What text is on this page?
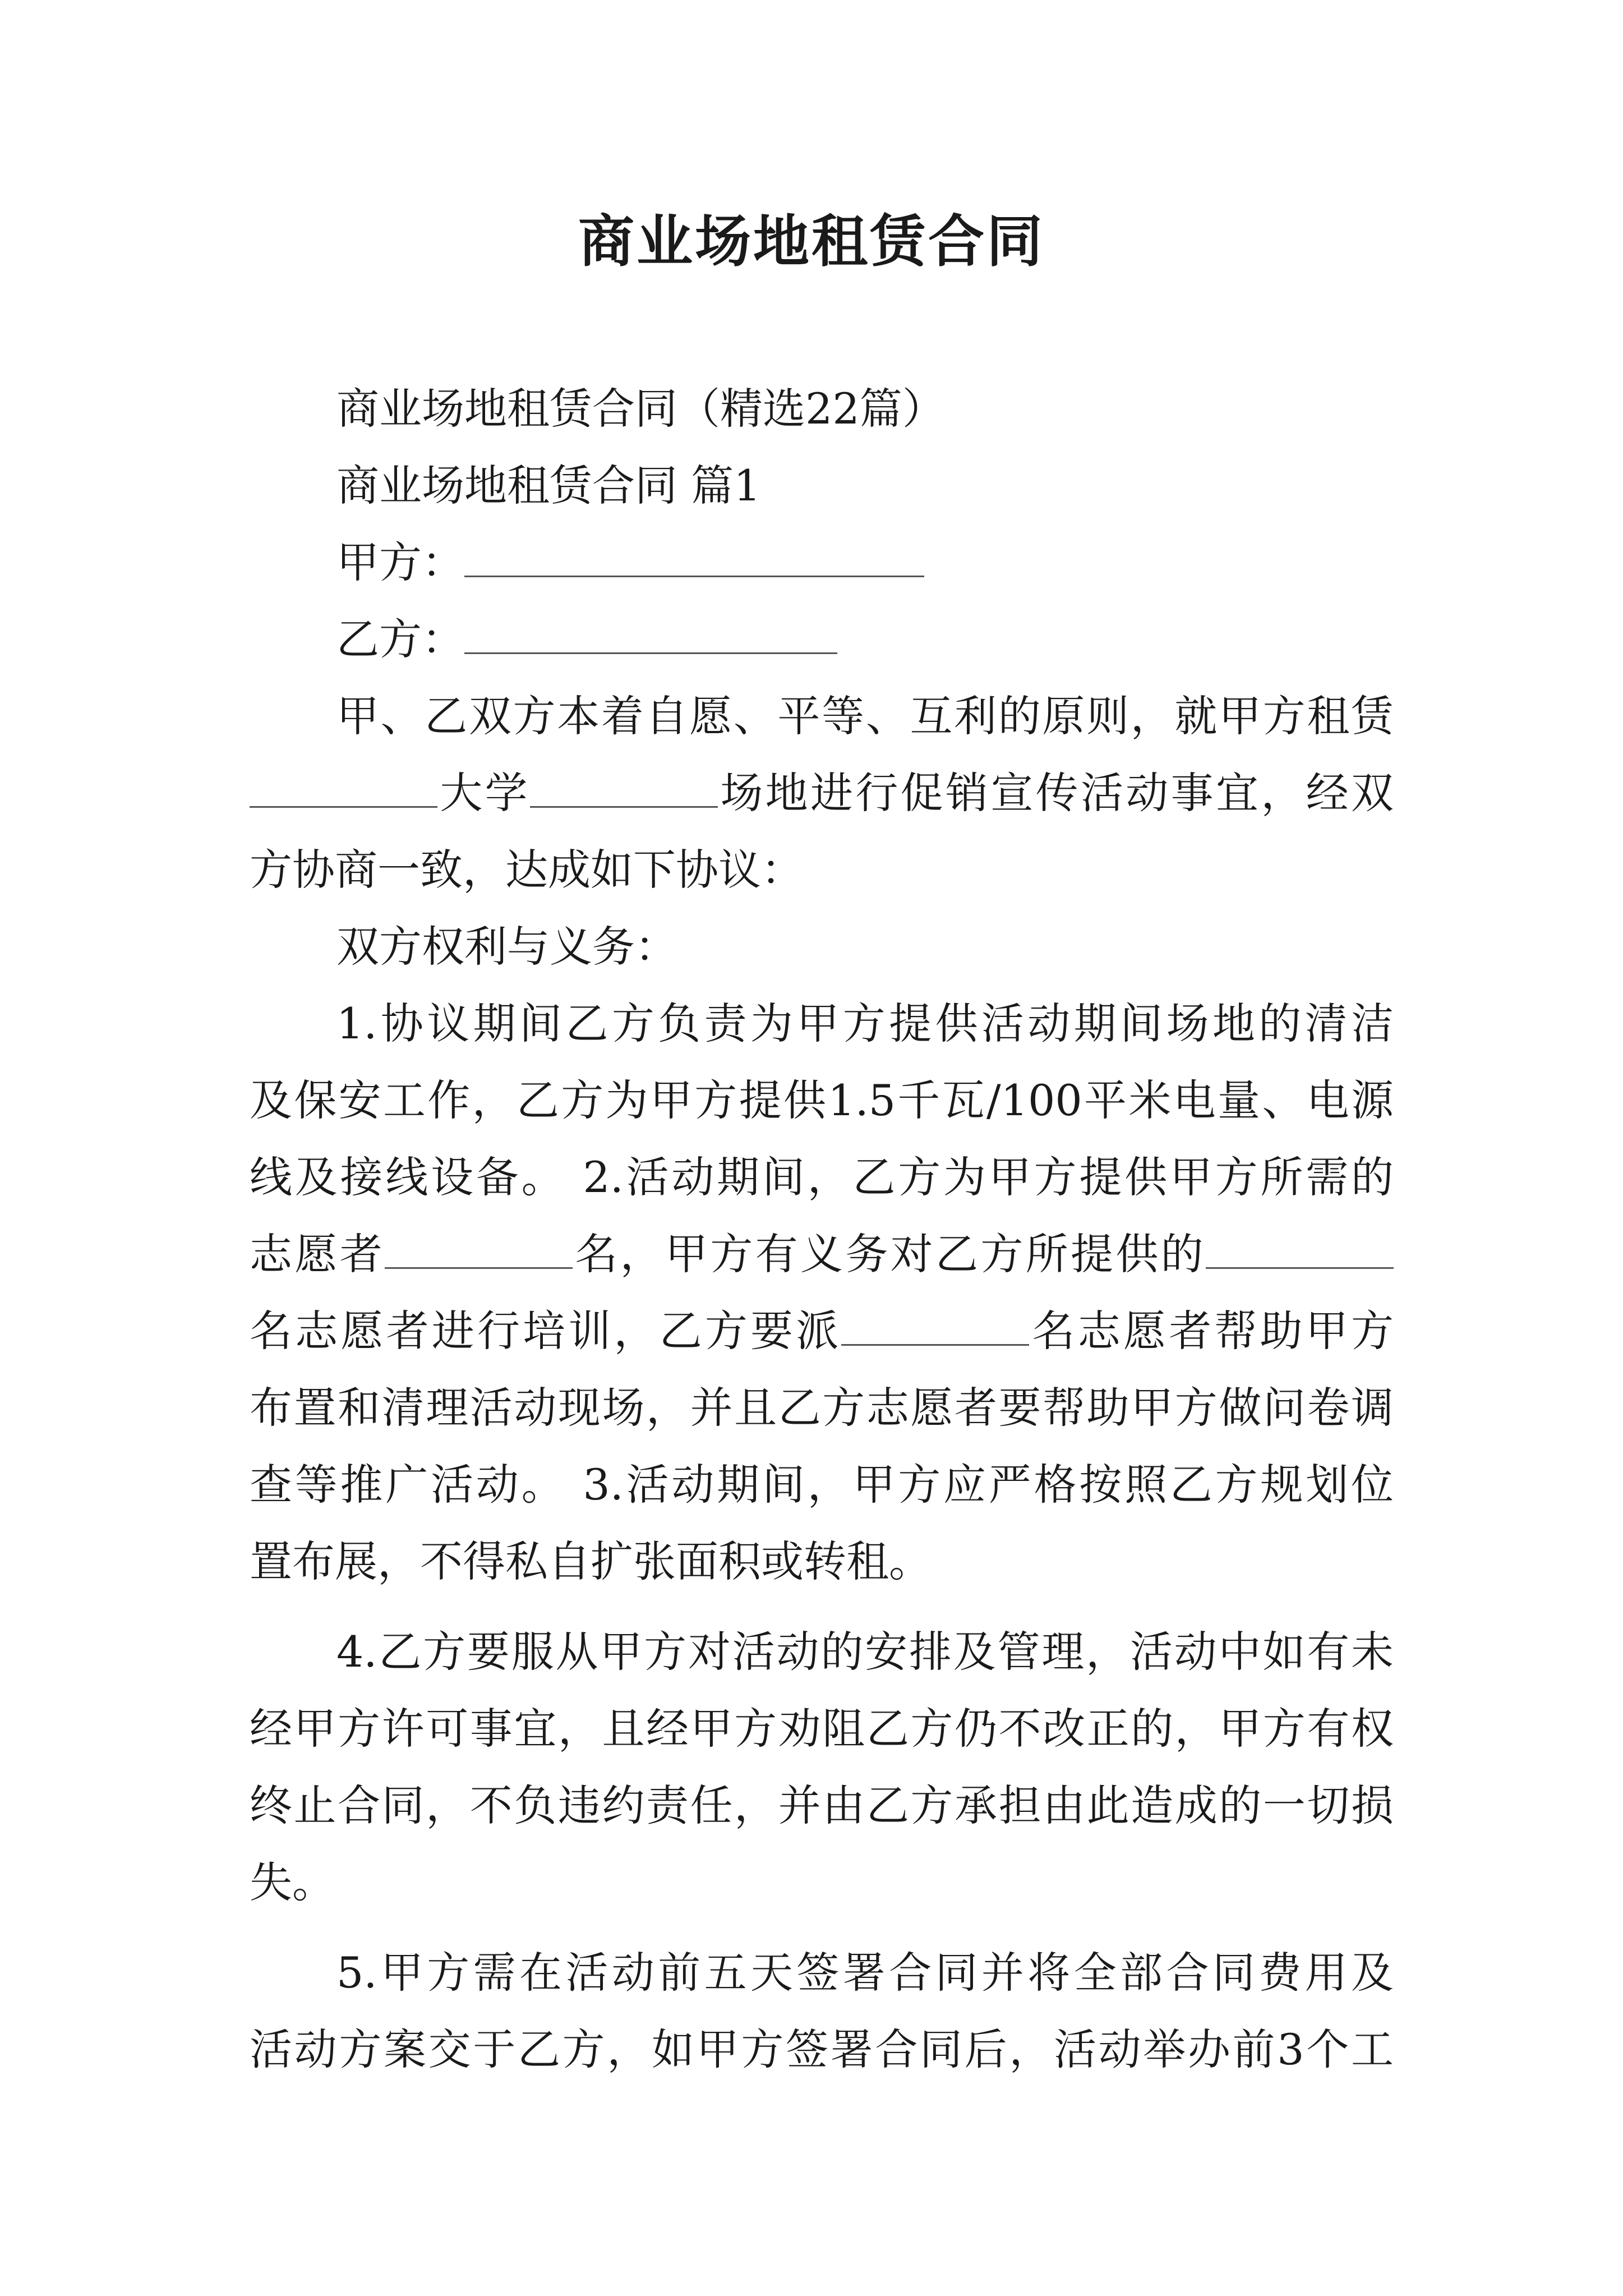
商业场地租赁合同
商业场地租赁合同（精选22篇）
商业场地租赁合同 篇1
甲方：
乙方：
甲、乙双方本着自愿、平等、互利的原则，就甲方租赁
大学	场地进行促销宣传活动事宜，经双
方协商一致，达成如下协议：
双方权利与义务：
1.协议期间乙方负责为甲方提供活动期间场地的清洁
及保安工作，乙方为甲方提供1.5千瓦/100平米电量、电源
线及接线设备。 2.活动期间，乙方为甲方提供甲方所需的
志愿者	名，甲方有义务对乙方所提供的
名志愿者进行培训，乙方要派	名志愿者帮助甲方
布置和清理活动现场，并且乙方志愿者要帮助甲方做问卷调
查等推广活动。 3.活动期间，甲方应严格按照乙方规划位
置布展，不得私自扩张面积或转租。
4.乙方要服从甲方对活动的安排及管理，活动中如有未
经甲方许可事宜，且经甲方劝阻乙方仍不改正的，甲方有权
终止合同，不负违约责任，并由乙方承担由此造成的一切损
失。
5.甲方需在活动前五天签署合同并将全部合同费用及
活动方案交于乙方，如甲方签署合同后，活动举办前3个工
